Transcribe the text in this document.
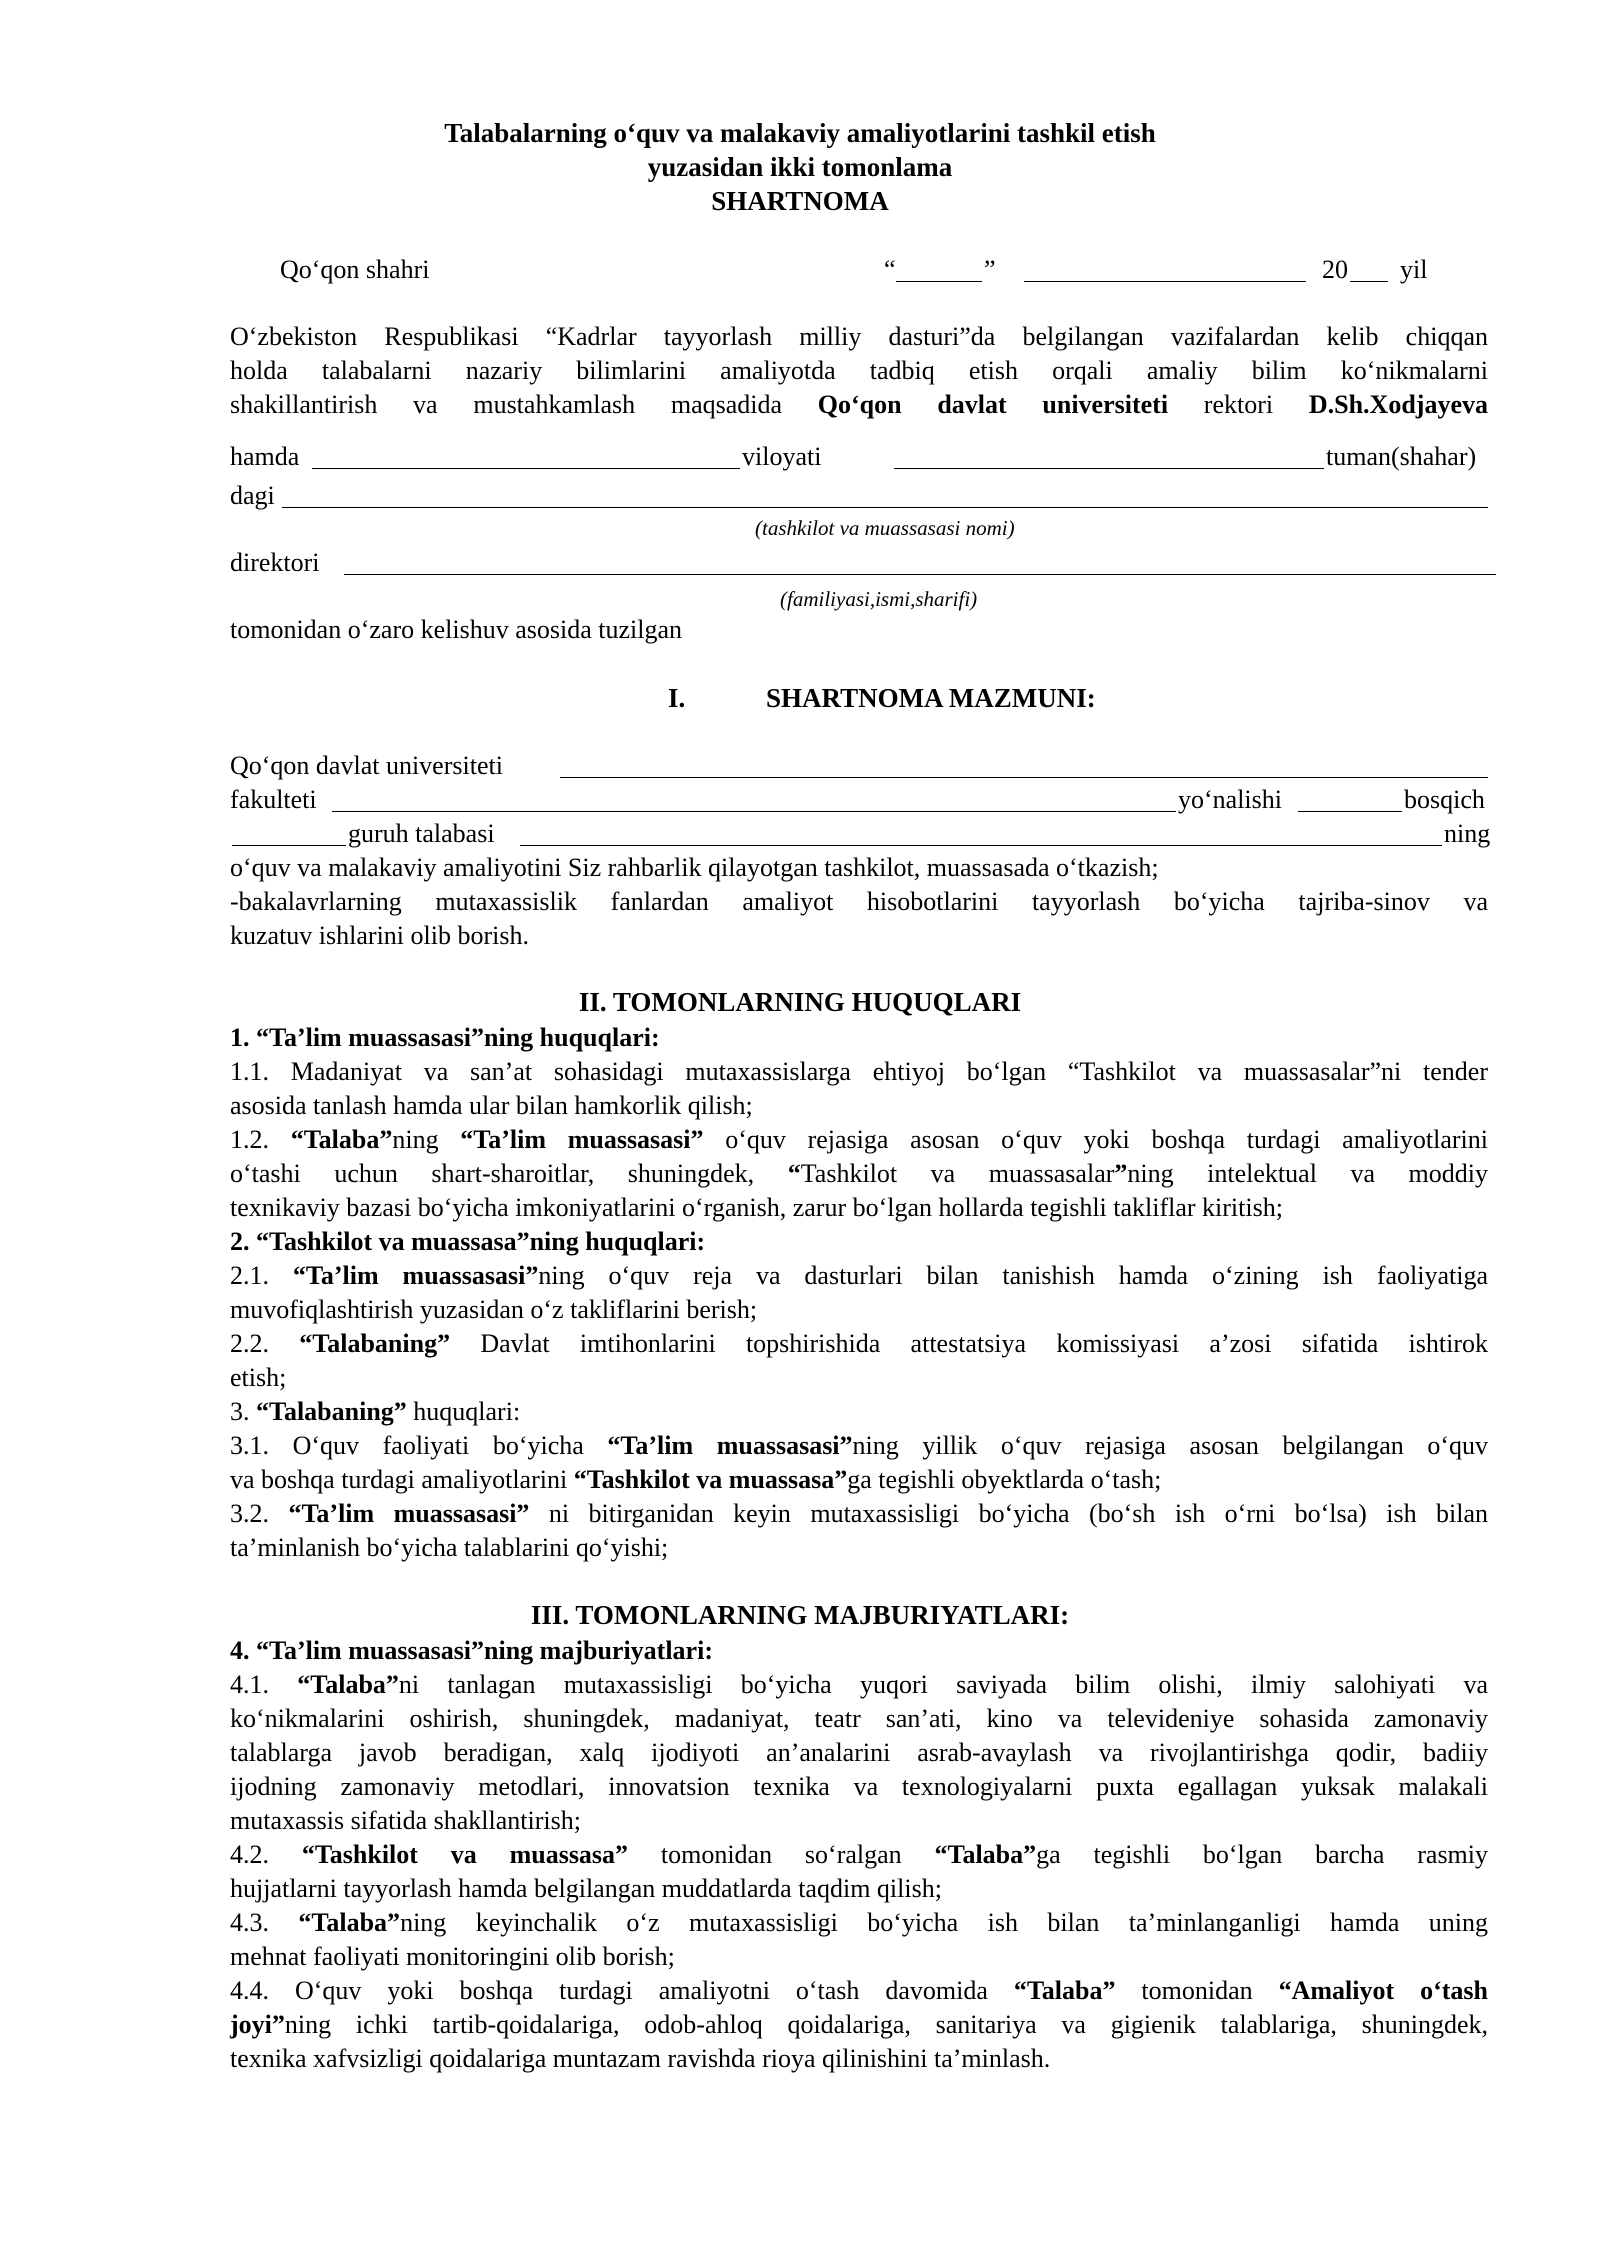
Talabalarning o‘quv va malakaviy amaliyotlarini tashkil etish
yuzasidan ikki tomonlama
SHARTNOMA
Qo‘qon shahri	“	”	20 yil
O‘zbekiston Respublikasi “Kadrlar tayyorlash milliy dasturi”da belgilangan vazifalardan kelib chiqqan
holda talabalarni nazariy bilimlarini amaliyotda tadbiq etish orqali amaliy bilim ko‘nikmalarni
shakillantirish va mustahkamlash maqsadida Qo‘qon davlat universiteti rektori D.Sh.Xodjayeva
hamda	viloyati	tuman(shahar)
dagi
(tashkilot va muassasasi nomi)
direktori
(familiyasi,ismi,sharifi)
tomonidan o‘zaro kelishuv asosida tuzilgan
I.	SHARTNOMA MAZMUNI:
Qo‘qon davlat universiteti
fakulteti	yo‘nalishi	bosqich
guruh talabasi	ning
o‘quv va malakaviy amaliyotini Siz rahbarlik qilayotgan tashkilot, muassasada o‘tkazish;
-bakalavrlarning mutaxassislik fanlardan amaliyot hisobotlarini tayyorlash bo‘yicha tajriba-sinov va
kuzatuv ishlarini olib borish.
II. TOMONLARNING HUQUQLARI
1. “Ta’lim muassasasi”ning huquqlari:
1.1. Madaniyat va san’at sohasidagi mutaxassislarga ehtiyoj bo‘lgan “Tashkilot va muassasalar”ni tender
asosida tanlash hamda ular bilan hamkorlik qilish;
1.2. “Talaba”ning “Ta’lim muassasasi” o‘quv rejasiga asosan o‘quv yoki boshqa turdagi amaliyotlarini
o‘tashi uchun shart-sharoitlar, shuningdek, “Tashkilot va muassasalar”ning intelektual va moddiy
texnikaviy bazasi bo‘yicha imkoniyatlarini o‘rganish, zarur bo‘lgan hollarda tegishli takliflar kiritish;
2. “Tashkilot va muassasa”ning huquqlari:
2.1. “Ta’lim muassasasi”ning o‘quv reja va dasturlari bilan tanishish hamda o‘zining ish faoliyatiga
muvofiqlashtirish yuzasidan o‘z takliflarini berish;
2.2. “Talabaning” Davlat imtihonlarini topshirishida attestatsiya komissiyasi a’zosi sifatida ishtirok
etish;
3. “Talabaning” huquqlari:
3.1. O‘quv faoliyati bo‘yicha “Ta’lim muassasasi”ning yillik o‘quv rejasiga asosan belgilangan o‘quv
va boshqa turdagi amaliyotlarini “Tashkilot va muassasa”ga tegishli obyektlarda o‘tash;
3.2. “Ta’lim muassasasi” ni bitirganidan keyin mutaxassisligi bo‘yicha (bo‘sh ish o‘rni bo‘lsa) ish bilan
ta’minlanish bo‘yicha talablarini qo‘yishi;
III. TOMONLARNING MAJBURIYATLARI:
4. “Ta’lim muassasasi”ning majburiyatlari:
4.1. “Talaba”ni tanlagan mutaxassisligi bo‘yicha yuqori saviyada bilim olishi, ilmiy salohiyati va
ko‘nikmalarini oshirish, shuningdek, madaniyat, teatr san’ati, kino va televideniye sohasida zamonaviy
talablarga javob beradigan, xalq ijodiyoti an’analarini asrab-avaylash va rivojlantirishga qodir, badiiy
ijodning zamonaviy metodlari, innovatsion texnika va texnologiyalarni puxta egallagan yuksak malakali
mutaxassis sifatida shakllantirish;
4.2. “Tashkilot va muassasa” tomonidan so‘ralgan “Talaba”ga tegishli bo‘lgan barcha rasmiy
hujjatlarni tayyorlash hamda belgilangan muddatlarda taqdim qilish;
4.3. “Talaba”ning keyinchalik o‘z mutaxassisligi bo‘yicha ish bilan ta’minlanganligi hamda uning
mehnat faoliyati monitoringini olib borish;
4.4. O‘quv yoki boshqa turdagi amaliyotni o‘tash davomida “Talaba” tomonidan “Amaliyot o‘tash
joyi”ning ichki tartib-qoidalariga, odob-ahloq qoidalariga, sanitariya va gigienik talablariga, shuningdek,
texnika xafvsizligi qoidalariga muntazam ravishda rioya qilinishini ta’minlash.
